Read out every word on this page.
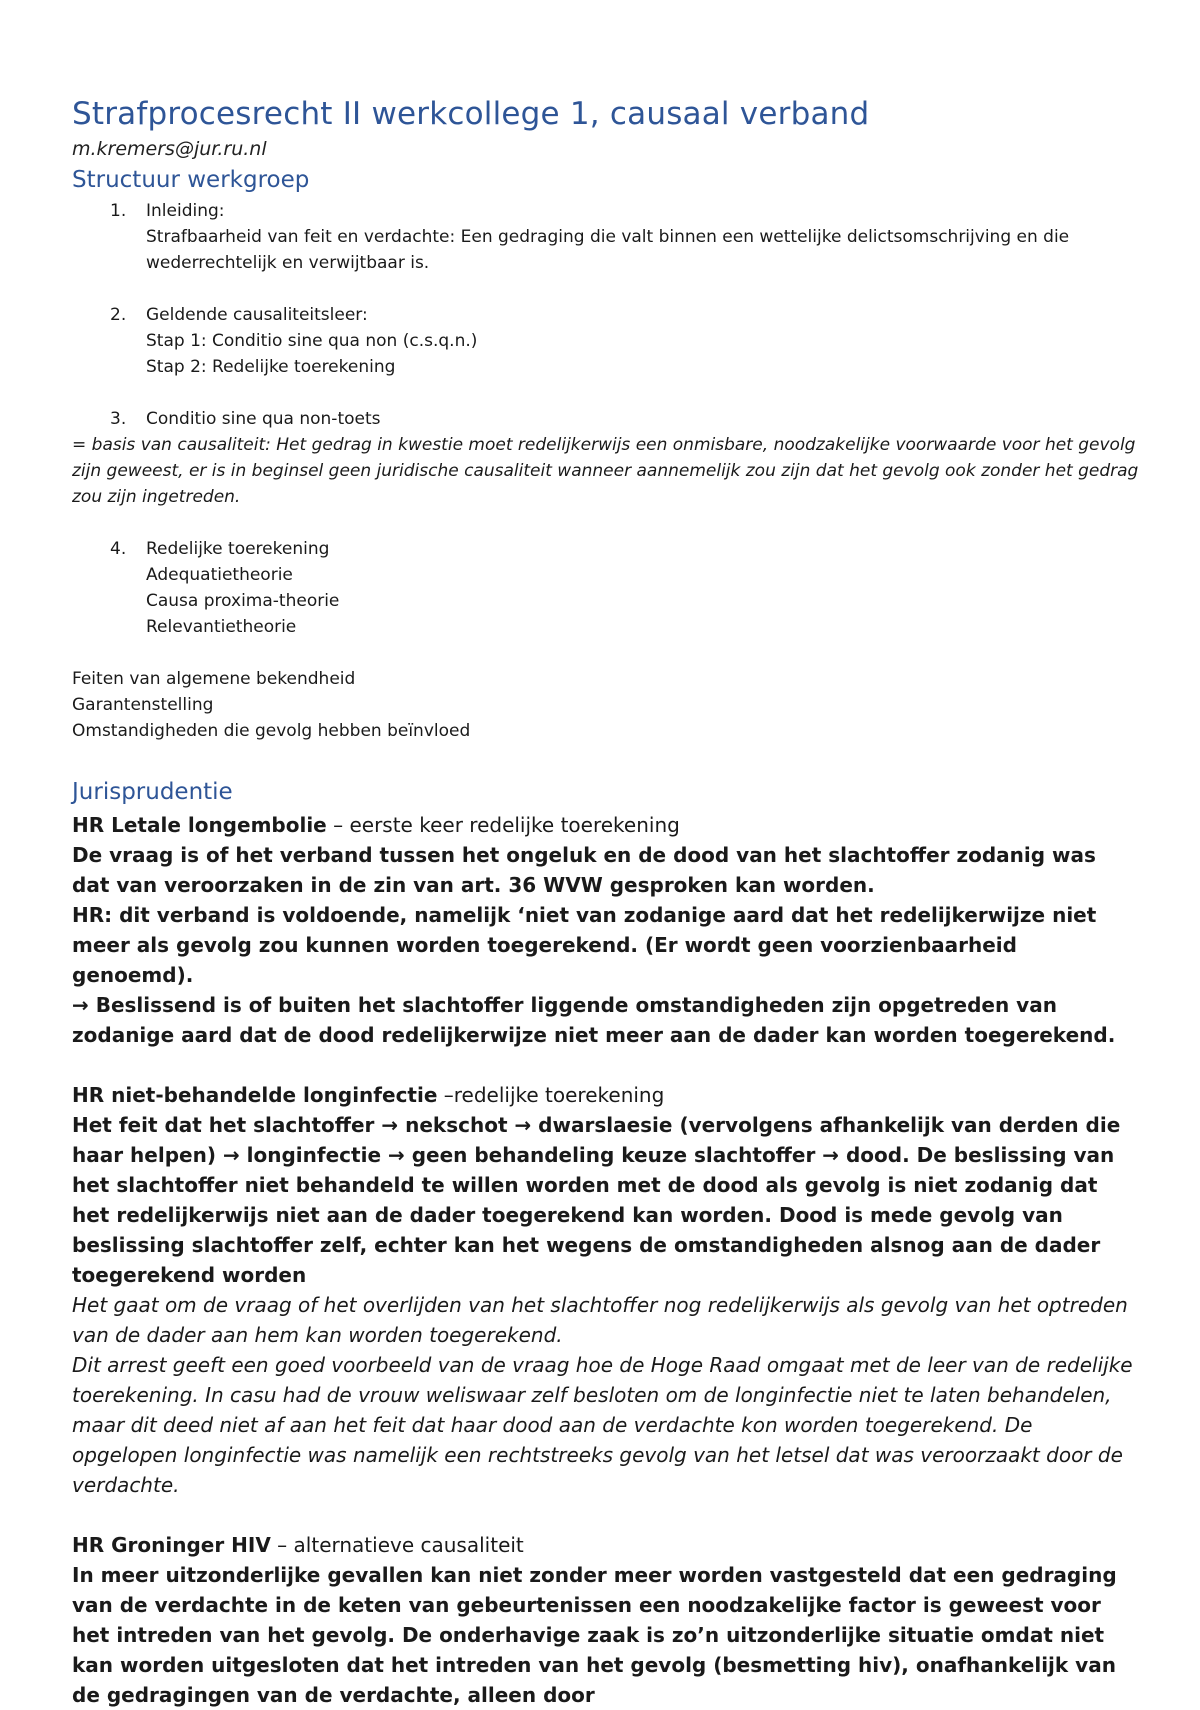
Strafprocesrecht II werkcollege 1, causaal verband

m.kremers@jur.ru.nl

Structuur werkgroep
1. Inleiding:
Strafbaarheid van feit en verdachte: Een gedraging die valt binnen een wettelijke delictsomschrijving en die wederrechtelijk en verwijtbaar is.
2. Geldende causaliteitsleer:
Stap 1: Conditio sine qua non (c.s.q.n.)
Stap 2: Redelijke toerekening
3. Conditio sine qua non-toets

= basis van causaliteit: Het gedrag in kwestie moet redelijkerwijs een onmisbare, noodzakelijke voorwaarde voor het gevolg zijn geweest, er is in beginsel geen juridische causaliteit wanneer aannemelijk zou zijn dat het gevolg ook zonder het gedrag zou zijn ingetreden.

4. Redelijke toerekening
Adequatietheorie
Causa proxima-theorie
Relevantietheorie

Feiten van algemene bekendheid

Garantenstelling

Omstandigheden die gevolg hebben beïnvloed

Jurisprudentie

HR Letale longembolie – eerste keer redelijke toerekening

De vraag is of het verband tussen het ongeluk en de dood van het slachtoffer zodanig was dat van veroorzaken in de zin van art. 36 WVW gesproken kan worden.

HR: dit verband is voldoende, namelijk ‘niet van zodanige aard dat het redelijkerwijze niet meer als gevolg zou kunnen worden toegerekend. (Er wordt geen voorzienbaarheid genoemd).

→ Beslissend is of buiten het slachtoffer liggende omstandigheden zijn opgetreden van zodanige aard dat de dood redelijkerwijze niet meer aan de dader kan worden toegerekend.

HR niet-behandelde longinfectie –redelijke toerekening

Het feit dat het slachtoffer → nekschot → dwarslaesie (vervolgens afhankelijk van derden die haar helpen) → longinfectie → geen behandeling keuze slachtoffer → dood. De beslissing van het slachtoffer niet behandeld te willen worden met de dood als gevolg is niet zodanig dat het redelijkerwijs niet aan de dader toegerekend kan worden. Dood is mede gevolg van beslissing slachtoffer zelf, echter kan het wegens de omstandigheden alsnog aan de dader toegerekend worden

Het gaat om de vraag of het overlijden van het slachtoffer nog redelijkerwijs als gevolg van het optreden van de dader aan hem kan worden toegerekend.

Dit arrest geeft een goed voorbeeld van de vraag hoe de Hoge Raad omgaat met de leer van de redelijke toerekening. In casu had de vrouw weliswaar zelf besloten om de longinfectie niet te laten behandelen, maar dit deed niet af aan het feit dat haar dood aan de verdachte kon worden toegerekend. De opgelopen longinfectie was namelijk een rechtstreeks gevolg van het letsel dat was veroorzaakt door de verdachte.

HR Groninger HIV – alternatieve causaliteit

In meer uitzonderlijke gevallen kan niet zonder meer worden vastgesteld dat een gedraging van de verdachte in de keten van gebeurtenissen een noodzakelijke factor is geweest voor het intreden van het gevolg. De onderhavige zaak is zo’n uitzonderlijke situatie omdat niet kan worden uitgesloten dat het intreden van het gevolg (besmetting hiv), onafhankelijk van de gedragingen van de verdachte, alleen door
